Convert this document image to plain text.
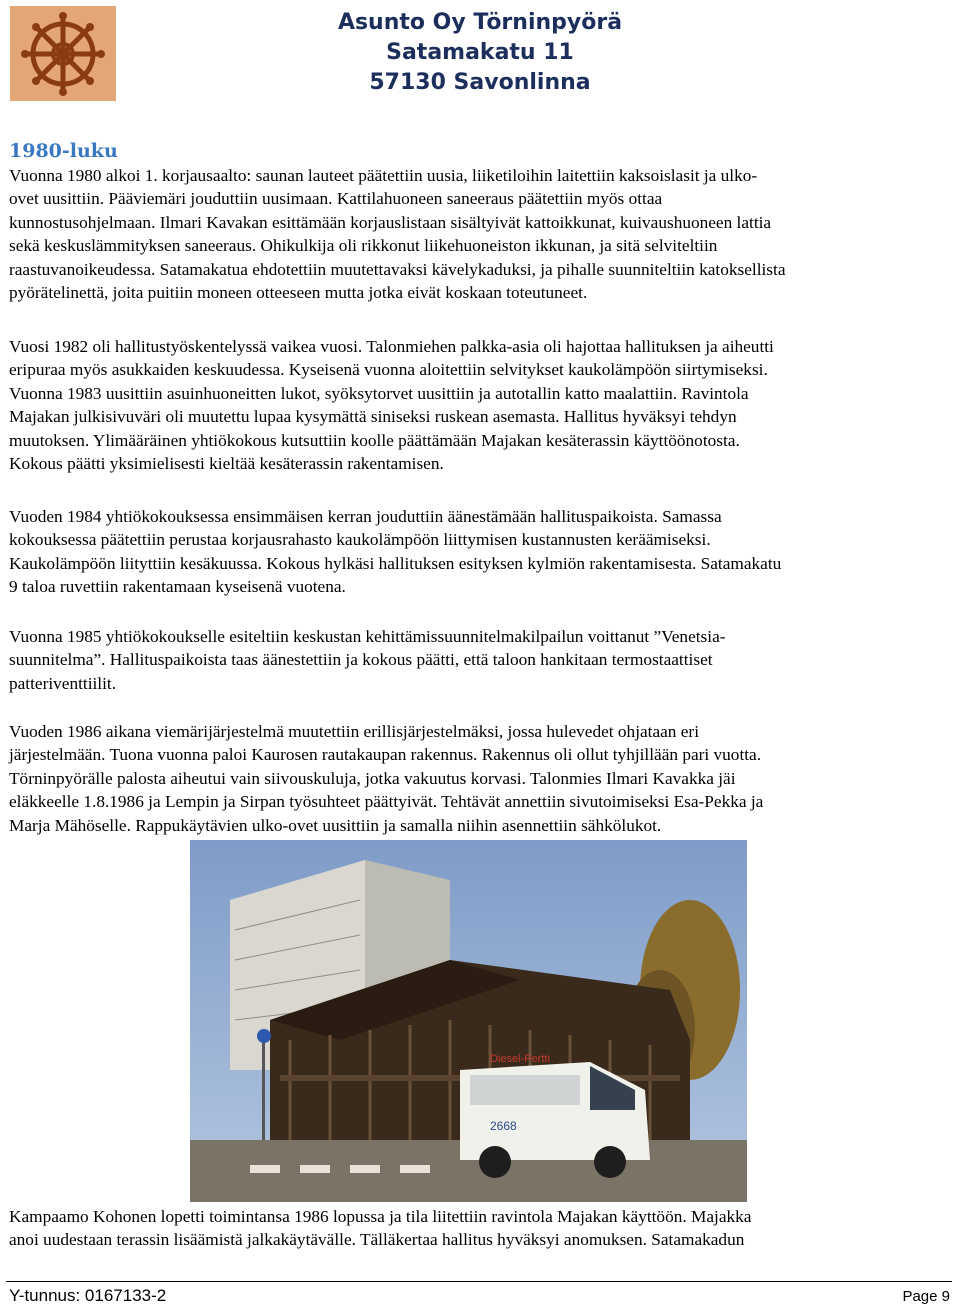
Asunto Oy Törninpyörä
Satamakatu 11
57130 Savonlinna
1980-luku
Vuonna 1980 alkoi 1. korjausaalto: saunan lauteet päätettiin uusia, liiketiloihin laitettiin kaksoislasit ja ulko-
ovet uusittiin. Pääviemäri jouduttiin uusimaan. Kattilahuoneen saneeraus päätettiin myös ottaa
kunnostusohjelmaan. Ilmari Kavakan esittämään korjauslistaan sisältyivät kattoikkunat, kuivaushuoneen lattia
sekä keskuslämmityksen saneeraus. Ohikulkija oli rikkonut liikehuoneiston ikkunan, ja sitä selviteltiin
raastuvanoikeudessa. Satamakatua ehdotettiin muutettavaksi kävelykaduksi, ja pihalle suunniteltiin katoksellista
pyörätelinettä, joita puitiin moneen otteeseen mutta jotka eivät koskaan toteutuneet.
Vuosi 1982 oli hallitustyöskentelyssä vaikea vuosi. Talonmiehen palkka-asia oli hajottaa hallituksen ja aiheutti
eripuraa myös asukkaiden keskuudessa. Kyseisenä vuonna aloitettiin selvitykset kaukolämpöön siirtymiseksi.
Vuonna 1983 uusittiin asuinhuoneitten lukot, syöksytorvet uusittiin ja autotallin katto maalattiin. Ravintola
Majakan julkisivuväri oli muutettu lupaa kysymättä siniseksi ruskean asemasta. Hallitus hyväksyi tehdyn
muutoksen. Ylimääräinen yhtiökokous kutsuttiin koolle päättämään Majakan kesäterassin käyttöönotosta.
Kokous päätti yksimielisesti kieltää kesäterassin rakentamisen.
Vuoden 1984 yhtiökokouksessa ensimmäisen kerran jouduttiin äänestämään hallituspaikoista. Samassa
kokouksessa päätettiin perustaa korjausrahasto kaukolämpöön liittymisen kustannusten keräämiseksi.
Kaukolämpöön liityttiin kesäkuussa. Kokous hylkäsi hallituksen esityksen kylmiön rakentamisesta. Satamakatu
9 taloa ruvettiin rakentamaan kyseisenä vuotena.
Vuonna 1985 yhtiökokoukselle esiteltiin keskustan kehittämissuunnitelmakilpailun voittanut ”Venetsia-
suunnitelma”. Hallituspaikoista taas äänestettiin ja kokous päätti, että taloon hankitaan termostaattiset
patteriventtiilit.
Vuoden 1986 aikana viemärijärjestelmä muutettiin erillisjärjestelmäksi, jossa hulevedet ohjataan eri
järjestelmään. Tuona vuonna paloi Kaurosen rautakaupan rakennus. Rakennus oli ollut tyhjillään pari vuotta.
Törninpyörälle palosta aiheutui vain siivouskuluja, jotka vakuutus korvasi. Talonmies Ilmari Kavakka jäi
eläkkeelle 1.8.1986 ja Lempin ja Sirpan työsuhteet päättyivät. Tehtävät annettiin sivutoimiseksi Esa-Pekka ja
Marja Mähöselle. Rappukäytävien ulko-ovet uusittiin ja samalla niihin asennettiin sähkölukot.
Diesel-Pertti
2668
Kampaamo Kohonen lopetti toimintansa 1986 lopussa ja tila liitettiin ravintola Majakan käyttöön. Majakka
anoi uudestaan terassin lisäämistä jalkakäytävälle. Tälläkertaa hallitus hyväksyi anomuksen. Satamakadun
Y-tunnus: 0167133-2	Page 9
